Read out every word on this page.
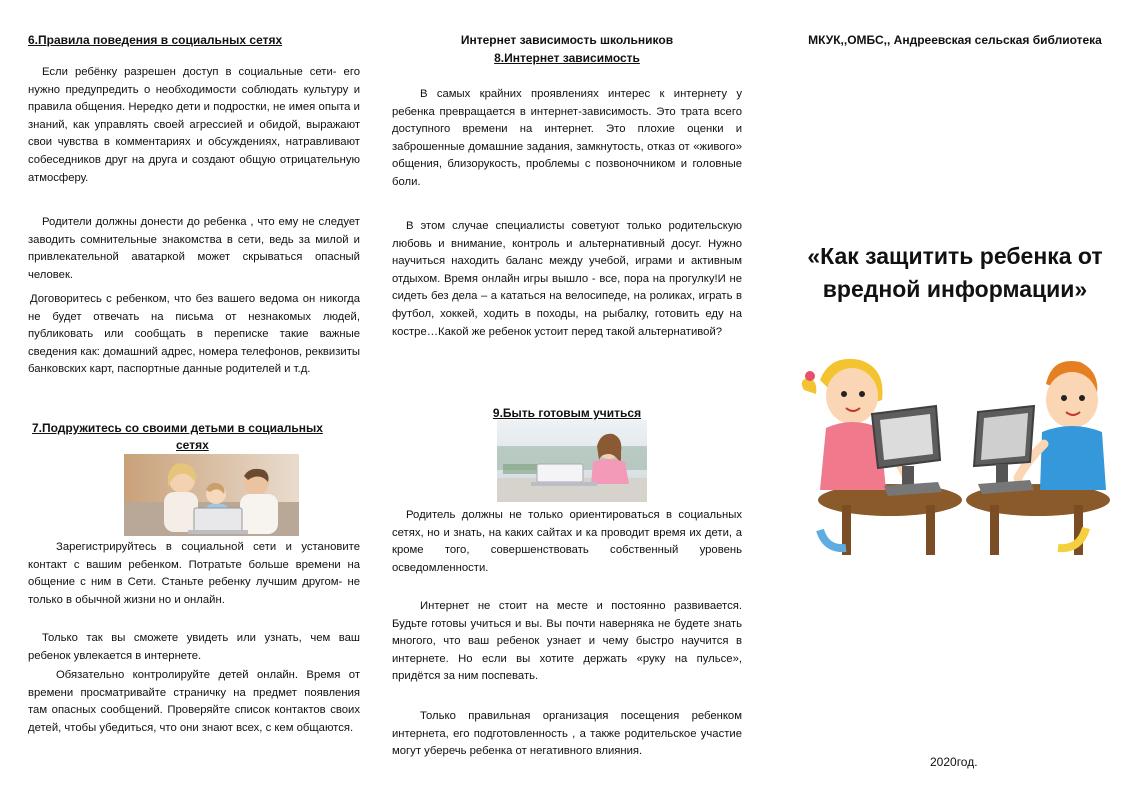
6.Правила поведения в социальных сетях

Если ребёнку разрешен доступ в социальные сети- его нужно предупредить о необходимости соблюдать культуру и правила общения. Нередко дети и подростки, не имея опыта и знаний, как управлять своей агрессией и обидой, выражают свои чувства в комментариях и обсуждениях, натравливают собеседников друг на друга и создают общую отрицательную атмосферу.

Родители должны донести до ребенка , что ему не следует заводить сомнительные знакомства в сети, ведь за милой и привлекательной аватаркой может скрываться опасный человек.

Договоритесь с ребенком, что без вашего ведома он никогда не будет отвечать на письма от незнакомых людей, публиковать или сообщать в переписке такие важные сведения как: домашний адрес, номера телефонов, реквизиты банковских карт, паспортные данные родителей и т.д.

7.Подружитесь со своими детьми в социальных
сетях

Зарегистрируйтесь в социальной сети и установите контакт с вашим ребенком. Потратьте больше времени на общение с ним в Сети. Станьте ребенку лучшим другом- не только в обычной жизни но и онлайн.

Только так вы сможете увидеть или узнать, чем ваш ребенок увлекается в интернете.

Обязательно контролируйте детей онлайн. Время от времени просматривайте страничку на предмет появления там опасных сообщений. Проверяйте список контактов своих детей, чтобы убедиться, что они знают всех, с кем общаются.

Интернет зависимость школьников
8.Интернет зависимость

В самых крайних проявлениях интерес к интернету у ребенка превращается в интернет-зависимость. Это трата всего доступного времени на интернет. Это плохие оценки и заброшенные домашние задания, замкнутость, отказ от «живого» общения, близорукость, проблемы с позвоночником и головные боли.

В этом случае специалисты советуют только родительскую любовь и внимание, контроль и альтернативный досуг. Нужно научиться находить баланс между учебой, играми и активным отдыхом. Время онлайн игры вышло - все, пора на прогулку!И не сидеть без дела – а кататься на велосипеде, на роликах, играть в футбол, хоккей, ходить в походы, на рыбалку, готовить еду на костре…Какой же ребенок устоит перед такой альтернативой?

9.Быть готовым учиться

Родитель должны не только ориентироваться в социальных сетях, но и знать, на каких сайтах и ка проводит время их дети, а кроме того, совершенствовать собственный уровень осведомленности.

Интернет не стоит на месте и постоянно развивается. Будьте готовы учиться и вы. Вы почти наверняка не будете знать многого, что ваш ребенок узнает и чему быстро научится в интернете. Но если вы хотите держать «руку на пульсе», придётся за ним поспевать.

Только правильная организация посещения ребенком интернета, его подготовленность , а также родительское участие могут уберечь ребенка от негативного влияния.

МКУК,,ОМБС,, Андреевская сельская библиотека
«Как защитить ребенка от
вредной информации»
2020год.
